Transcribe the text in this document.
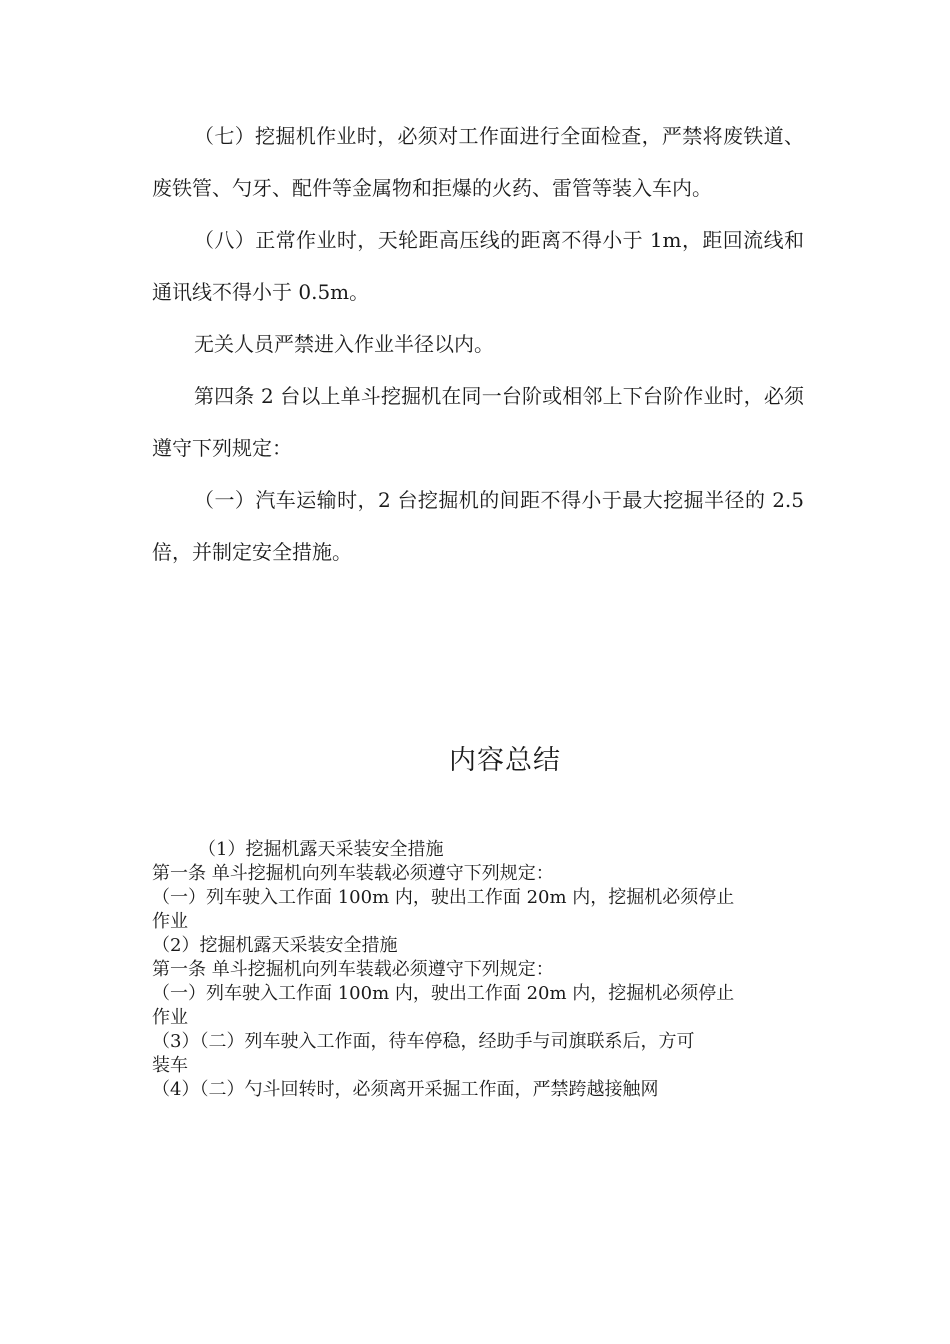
（七）挖掘机作业时，必须对工作面进行全面检查，严禁将废铁道、废铁管、勺牙、配件等金属物和拒爆的火药、雷管等装入车内。

（八）正常作业时，天轮距高压线的距离不得小于 1m，距回流线和通讯线不得小于 0.5m。

无关人员严禁进入作业半径以内。

第四条 2 台以上单斗挖掘机在同一台阶或相邻上下台阶作业时，必须遵守下列规定：

（一）汽车运输时，2 台挖掘机的间距不得小于最大挖掘半径的 2.5 倍，并制定安全措施。

内容总结

（1）挖掘机露天采装安全措施

第一条 单斗挖掘机向列车装载必须遵守下列规定：

（一）列车驶入工作面 100m 内，驶出工作面 20m 内，挖掘机必须停止

作业

（2）挖掘机露天采装安全措施

第一条 单斗挖掘机向列车装载必须遵守下列规定：

（一）列车驶入工作面 100m 内，驶出工作面 20m 内，挖掘机必须停止

作业

（3）（二）列车驶入工作面，待车停稳，经助手与司旗联系后，方可

装车

（4）（二）勺斗回转时，必须离开采掘工作面，严禁跨越接触网
